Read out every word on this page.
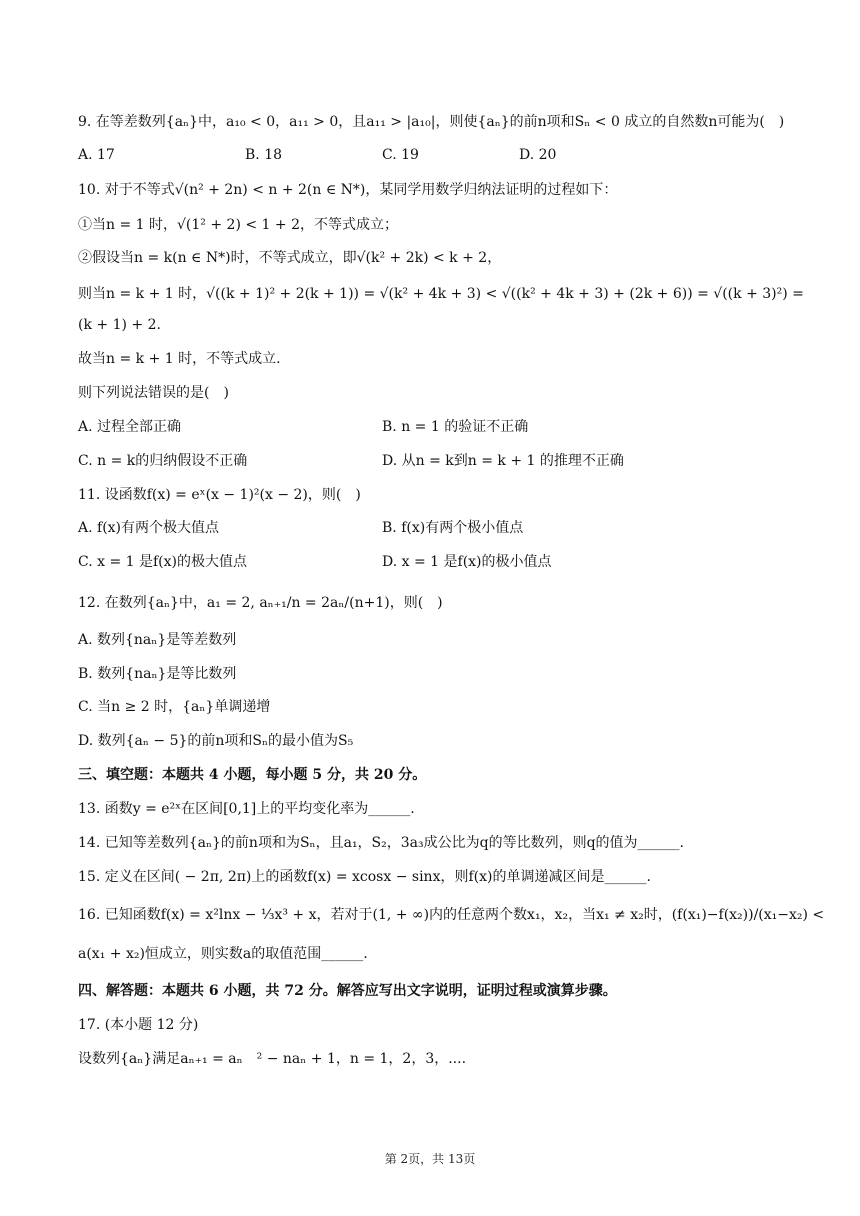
9. 在等差数列{aₙ}中，a₁₀ < 0，a₁₁ > 0，且a₁₁ > |a₁₀|，则使{aₙ}的前n项和Sₙ < 0 成立的自然数n可能为(　)
A. 17	B. 18	C. 19	D. 20
10. 对于不等式√(n² + 2n) < n + 2(n ∈ N*)，某同学用数学归纳法证明的过程如下：
①当n = 1 时，√(1² + 2) < 1 + 2，不等式成立；
②假设当n = k(n ∈ N*)时，不等式成立，即√(k² + 2k) < k + 2，
则当n = k + 1 时，√((k + 1)² + 2(k + 1)) = √(k² + 4k + 3) < √((k² + 4k + 3) + (2k + 6)) = √((k + 3)²) =
(k + 1) + 2.
故当n = k + 1 时，不等式成立.
则下列说法错误的是(　)
A. 过程全部正确	B. n = 1 的验证不正确
C. n = k的归纳假设不正确	D. 从n = k到n = k + 1 的推理不正确
11. 设函数f(x) = eˣ(x − 1)²(x − 2)，则(　)
A. f(x)有两个极大值点	B. f(x)有两个极小值点
C. x = 1 是f(x)的极大值点	D. x = 1 是f(x)的极小值点
12. 在数列{aₙ}中，a₁ = 2, aₙ₊₁/n = 2aₙ/(n+1)，则(　)
A. 数列{naₙ}是等差数列
B. 数列{naₙ}是等比数列
C. 当n ≥ 2 时，{aₙ}单调递增
D. 数列{aₙ − 5}的前n项和Sₙ的最小值为S₅
三、填空题：本题共 4 小题，每小题 5 分，共 20 分。
13. 函数y = e²ˣ在区间[0,1]上的平均变化率为______.
14. 已知等差数列{aₙ}的前n项和为Sₙ，且a₁，S₂，3a₃成公比为q的等比数列，则q的值为______.
15. 定义在区间( − 2π, 2π)上的函数f(x) = xcosx − sinx，则f(x)的单调递减区间是______.
16. 已知函数f(x) = x²lnx − ⅓x³ + x，若对于(1, + ∞)内的任意两个数x₁，x₂，当x₁ ≠ x₂时，(f(x₁)−f(x₂))/(x₁−x₂) <
a(x₁ + x₂)恒成立，则实数a的取值范围______.
四、解答题：本题共 6 小题，共 72 分。解答应写出文字说明，证明过程或演算步骤。
17. (本小题 12 分)
设数列{aₙ}满足aₙ₊₁ = aₙ　² − naₙ + 1，n = 1，2，3，....
第 2页，共 13页
